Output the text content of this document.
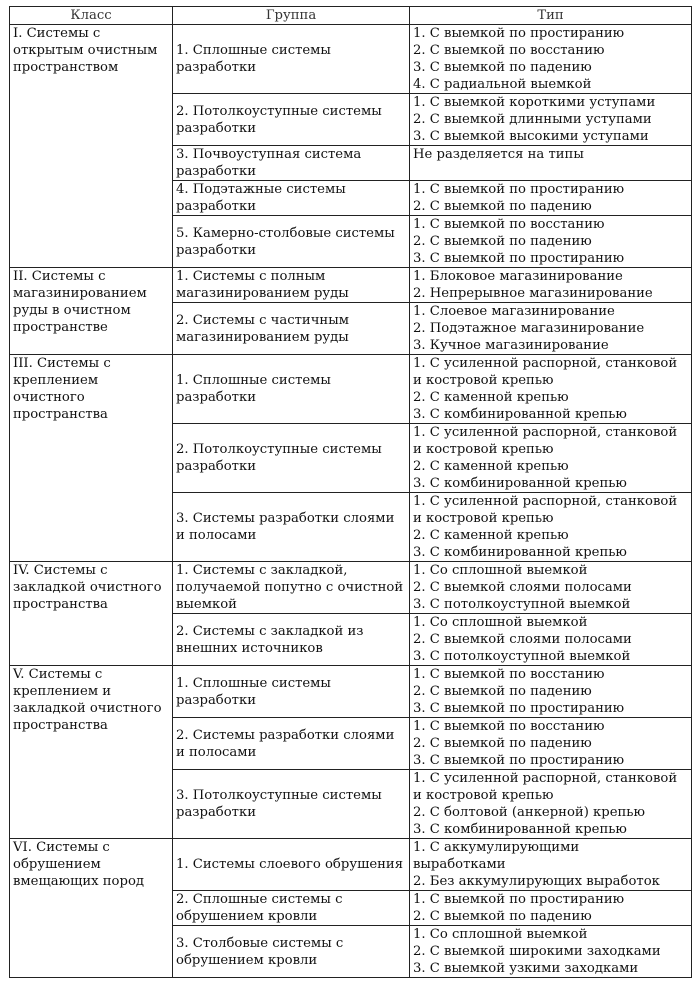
Класс	Группа	Тип
I. Системы с открытым очистным пространством	1. Сплошные системы разработки	1. С выемкой по простиранию
2. С выемкой по восстанию
3. С выемкой по падению
4. С радиальной выемкой

	2. Потолкоуступные системы разработки	1. С выемкой короткими уступами
2. С выемкой длинными уступами
3. С выемкой высокими уступами

	3. Почвоуступная система разработки	Не разделяется на типы

	4. Подэтажные системы разработки	1. С выемкой по простиранию
2. С выемкой по падению

	5. Камерно-столбовые системы разработки	1. С выемкой по восстанию
2. С выемкой по падению
3. С выемкой по простиранию

II. Системы с магазинированием руды в очистном пространстве	1. Системы с полным магазинированием руды	1. Блоковое магазинирование
2. Непрерывное магазинирование

	2. Системы с частичным магазинированием руды	1. Слоевое магазинирование
2. Подэтажное магазинирование
3. Кучное магазинирование

III. Системы с креплением очистного пространства	1. Сплошные системы разработки	1. С усиленной распорной, станковой
и костровой крепью
2. С каменной крепью
3. С комбинированной крепью

	2. Потолкоуступные системы разработки	1. С усиленной распорной, станковой
и костровой крепью
2. С каменной крепью
3. С комбинированной крепью

	3. Системы разработки слоями и полосами	1. С усиленной распорной, станковой
и костровой крепью
2. С каменной крепью
3. С комбинированной крепью

IV. Системы с закладкой очистного пространства	1. Системы с закладкой, получаемой попутно с очистной выемкой	1. Со сплошной выемкой
2. С выемкой слоями полосами
3. С потолкоуступной выемкой

	2. Системы с закладкой из внешних источников	1. Со сплошной выемкой
2. С выемкой слоями полосами
3. С потолкоуступной выемкой

V. Системы с креплением и закладкой очистного пространства	1. Сплошные системы разработки	1. С выемкой по восстанию
2. С выемкой по падению
3. С выемкой по простиранию

	2. Системы разработки слоями и полосами	1. С выемкой по восстанию
2. С выемкой по падению
3. С выемкой по простиранию

	3. Потолкоуступные системы разработки	1. С усиленной распорной, станковой
и костровой крепью
2. С болтовой (анкерной) крепью
3. С комбинированной крепью

VI. Системы с обрушением вмещающих пород	1. Системы слоевого обрушения	1. С аккумулирующими
выработками
2. Без аккумулирующих выработок

	2. Сплошные системы с обрушением кровли	1. С выемкой по простиранию
2. С выемкой по падению

	3. Столбовые системы с обрушением кровли	1. Со сплошной выемкой
2. С выемкой широкими заходками
3. С выемкой узкими заходками
